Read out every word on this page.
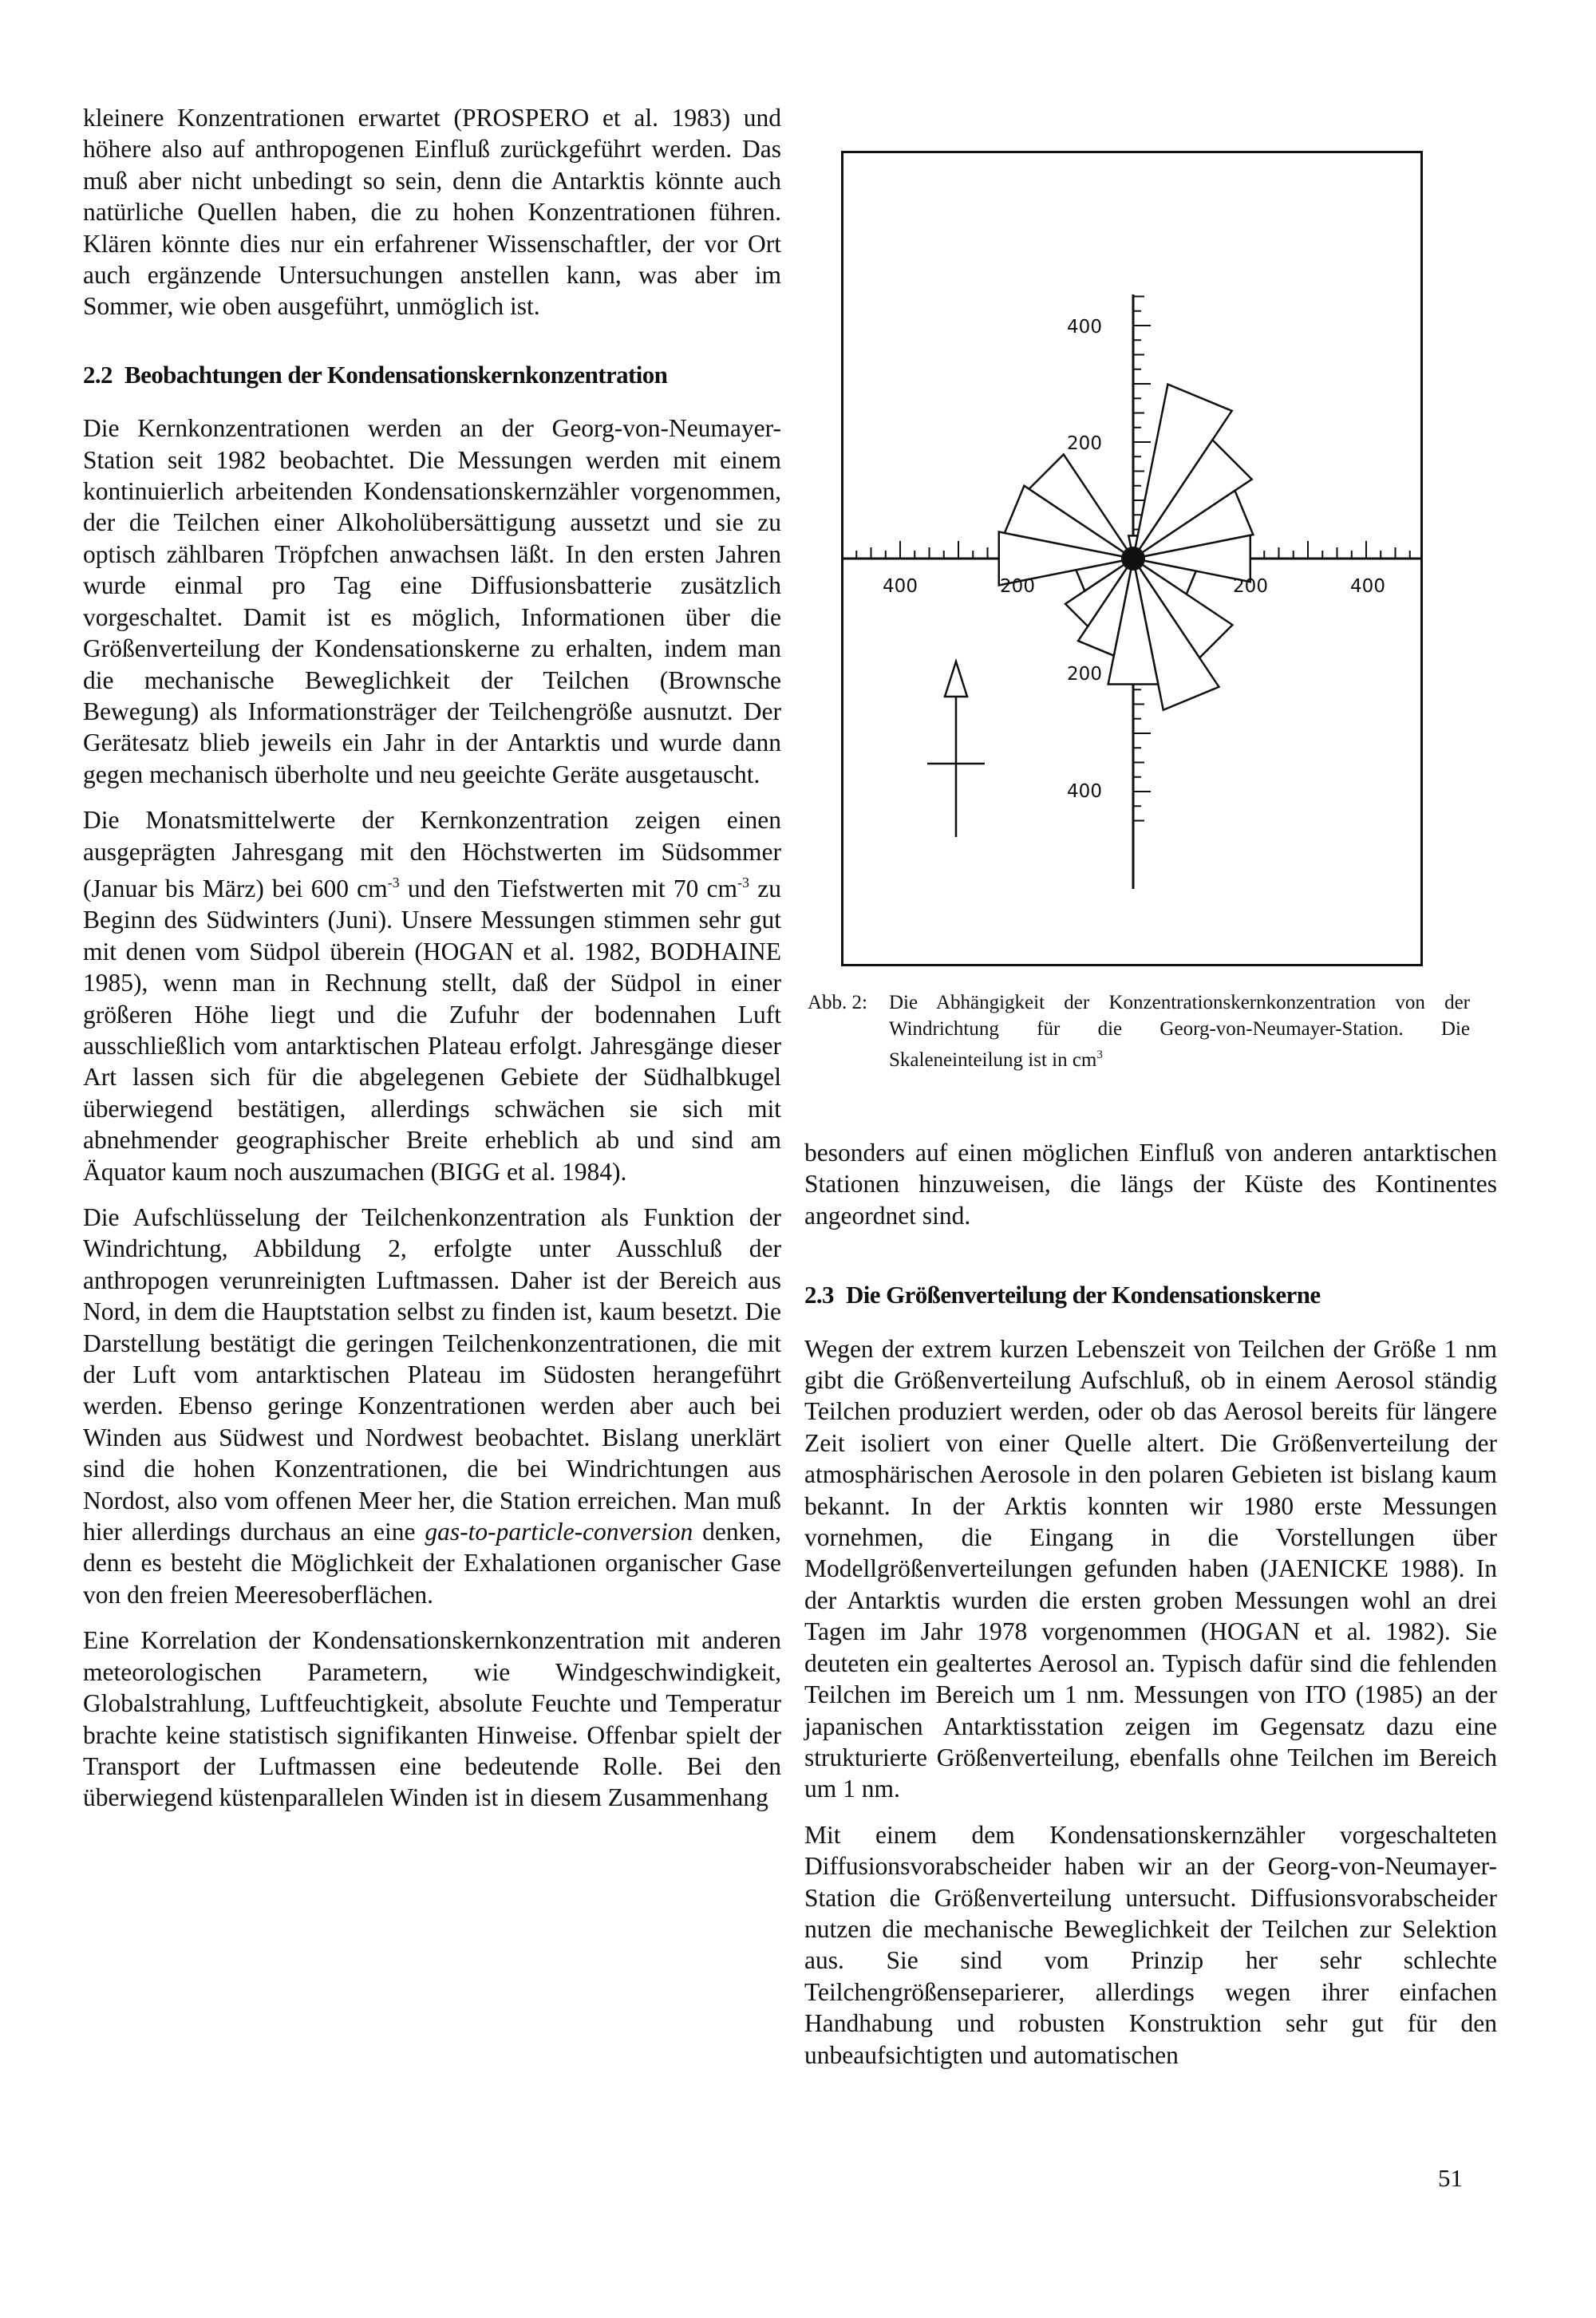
kleinere Konzentrationen erwartet (PROSPERO et al. 1983) und höhere also auf anthropogenen Einfluß zurückgeführt werden. Das muß aber nicht unbedingt so sein, denn die Antarktis könnte auch natürliche Quellen haben, die zu hohen Konzentrationen führen. Klären könnte dies nur ein erfahrener Wissenschaftler, der vor Ort auch ergänzende Untersuchungen anstellen kann, was aber im Sommer, wie oben ausgeführt, unmöglich ist.

2.2 Beobachtungen der Kondensationskernkonzentration

Die Kernkonzentrationen werden an der Georg-von-Neumayer-Station seit 1982 beobachtet. Die Messungen werden mit einem kontinuierlich arbeitenden Kondensationskernzähler vorgenommen, der die Teilchen einer Alkoholübersättigung aussetzt und sie zu optisch zählbaren Tröpfchen anwachsen läßt. In den ersten Jahren wurde einmal pro Tag eine Diffusionsbatterie zusätzlich vorgeschaltet. Damit ist es möglich, Informationen über die Größenverteilung der Kondensationskerne zu erhalten, indem man die mechanische Beweglichkeit der Teilchen (Brownsche Bewegung) als Informationsträger der Teilchengröße ausnutzt. Der Gerätesatz blieb jeweils ein Jahr in der Antarktis und wurde dann gegen mechanisch überholte und neu geeichte Geräte ausgetauscht.

Die Monatsmittelwerte der Kernkonzentration zeigen einen ausgeprägten Jahresgang mit den Höchstwerten im Südsommer (Januar bis März) bei 600 $cm^{-3}$ und den Tiefstwerten mit 70 $cm^{-3}$ zu Beginn des Südwinters (Juni). Unsere Messungen stimmen sehr gut mit denen vom Südpol überein (HOGAN et al. 1982, BODHAINE 1985), wenn man in Rechnung stellt, daß der Südpol in einer größeren Höhe liegt und die Zufuhr der bodennahen Luft ausschließlich vom antarktischen Plateau erfolgt. Jahresgänge dieser Art lassen sich für die abgelegenen Gebiete der Südhalbkugel überwiegend bestätigen, allerdings schwächen sie sich mit abnehmender geographischer Breite erheblich ab und sind am Äquator kaum noch auszumachen (BIGG et al. 1984).

Die Aufschlüsselung der Teilchenkonzentration als Funktion der Windrichtung, Abbildung 2, erfolgte unter Ausschluß der anthropogen verunreinigten Luftmassen. Daher ist der Bereich aus Nord, in dem die Hauptstation selbst zu finden ist, kaum besetzt. Die Darstellung bestätigt die geringen Teilchenkonzentrationen, die mit der Luft vom antarktischen Plateau im Südosten herangeführt werden. Ebenso geringe Konzentrationen werden aber auch bei Winden aus Südwest und Nordwest beobachtet. Bislang unerklärt sind die hohen Konzentrationen, die bei Windrichtungen aus Nordost, also vom offenen Meer her, die Station erreichen. Man muß hier allerdings durchaus an eine gas-to-particle-conversion denken, denn es besteht die Möglichkeit der Exhalationen organischer Gase von den freien Meeresoberflächen.

Eine Korrelation der Kondensationskernkonzentration mit anderen meteorologischen Parametern, wie Windgeschwindigkeit, Globalstrahlung, Luftfeuchtigkeit, absolute Feuchte und Temperatur brachte keine statistisch signifikanten Hinweise. Offenbar spielt der Transport der Luftmassen eine bedeutende Rolle. Bei den überwiegend küstenparallelen Winden ist in diesem Zusammenhang

400
200
200
400
400	200	200	400
Abb. 2: Die Abhängigkeit der Konzentrationskernkonzentration von der Windrichtung für die Georg-von-Neumayer-Station. Die Skaleneinteilung ist in $cm^3$

besonders auf einen möglichen Einfluß von anderen antarktischen Stationen hinzuweisen, die längs der Küste des Kontinentes angeordnet sind.

2.3 Die Größenverteilung der Kondensationskerne

Wegen der extrem kurzen Lebenszeit von Teilchen der Größe 1 nm gibt die Größenverteilung Aufschluß, ob in einem Aerosol ständig Teilchen produziert werden, oder ob das Aerosol bereits für längere Zeit isoliert von einer Quelle altert. Die Größenverteilung der atmosphärischen Aerosole in den polaren Gebieten ist bislang kaum bekannt. In der Arktis konnten wir 1980 erste Messungen vornehmen, die Eingang in die Vorstellungen über Modellgrößenverteilungen gefunden haben (JAENICKE 1988). In der Antarktis wurden die ersten groben Messungen wohl an drei Tagen im Jahr 1978 vorgenommen (HOGAN et al. 1982). Sie deuteten ein gealtertes Aerosol an. Typisch dafür sind die fehlenden Teilchen im Bereich um 1 nm. Messungen von ITO (1985) an der japanischen Antarktisstation zeigen im Gegensatz dazu eine strukturierte Größenverteilung, ebenfalls ohne Teilchen im Bereich um 1 nm.

Mit einem dem Kondensationskernzähler vorgeschalteten Diffusionsvorabscheider haben wir an der Georg-von-Neumayer-Station die Größenverteilung untersucht. Diffusionsvorabscheider nutzen die mechanische Beweglichkeit der Teilchen zur Selektion aus. Sie sind vom Prinzip her sehr schlechte Teilchengrößenseparierer, allerdings wegen ihrer einfachen Handhabung und robusten Konstruktion sehr gut für den unbeaufsichtigten und automatischen

51
